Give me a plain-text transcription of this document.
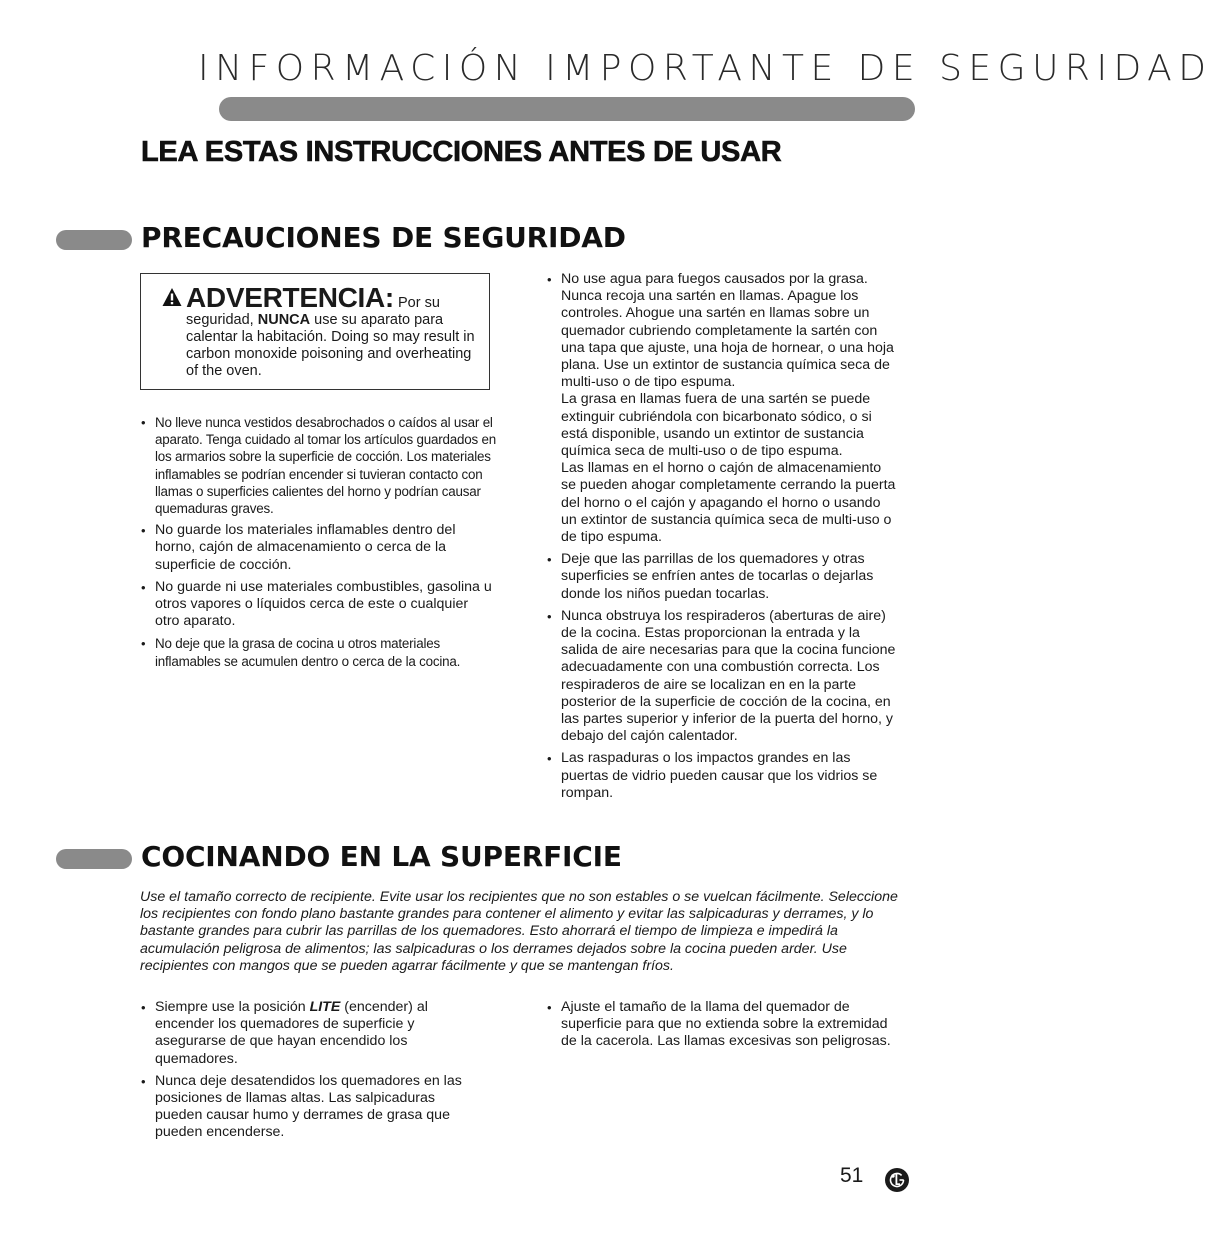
INFORMACIÓN IMPORTANTE DE SEGURIDAD
LEA ESTAS INSTRUCCIONES ANTES DE USAR
PRECAUCIONES DE SEGURIDAD
ADVERTENCIA: Por su seguridad, NUNCA use su aparato para calentar la habitación. Doing so may result in carbon monoxide poisoning and overheating of the oven.
• No lleve nunca vestidos desabrochados o caídos al usar el aparato. Tenga cuidado al tomar los artículos guardados en los armarios sobre la superficie de cocción. Los materiales inflamables se podrían encender si tuvieran contacto con llamas o superficies calientes del horno y podrían causar quemaduras graves.
• No guarde los materiales inflamables dentro del horno, cajón de almacenamiento o cerca de la superficie de cocción.
• No guarde ni use materiales combustibles, gasolina u otros vapores o líquidos cerca de este o cualquier otro aparato.
• No deje que la grasa de cocina u otros materiales inflamables se acumulen dentro o cerca de la cocina.
• No use agua para fuegos causados por la grasa. Nunca recoja una sartén en llamas. Apague los controles. Ahogue una sartén en llamas sobre un quemador cubriendo completamente la sartén con una tapa que ajuste, una hoja de hornear, o una hoja plana. Use un extintor de sustancia química seca de multi-uso o de tipo espuma.
La grasa en llamas fuera de una sartén se puede extinguir cubriéndola con bicarbonato sódico, o si está disponible, usando un extintor de sustancia química seca de multi-uso o de tipo espuma.
Las llamas en el horno o cajón de almacenamiento se pueden ahogar completamente cerrando la puerta del horno o el cajón y apagando el horno o usando un extintor de sustancia química seca de multi-uso o de tipo espuma.
• Deje que las parrillas de los quemadores y otras superficies se enfríen antes de tocarlas o dejarlas donde los niños puedan tocarlas.
• Nunca obstruya los respiraderos (aberturas de aire) de la cocina. Estas proporcionan la entrada y la salida de aire necesarias para que la cocina funcione adecuadamente con una combustión correcta. Los respiraderos de aire se localizan en en la parte posterior de la superficie de cocción de la cocina, en las partes superior y inferior de la puerta del horno, y debajo del cajón calentador.
• Las raspaduras o los impactos grandes en las puertas de vidrio pueden causar que los vidrios se rompan.
COCINANDO EN LA SUPERFICIE
Use el tamaño correcto de recipiente. Evite usar los recipientes que no son estables o se vuelcan fácilmente. Seleccione los recipientes con fondo plano bastante grandes para contener el alimento y evitar las salpicaduras y derrames, y lo bastante grandes para cubrir las parrillas de los quemadores. Esto ahorrará el tiempo de limpieza e impedirá la acumulación peligrosa de alimentos; las salpicaduras o los derrames dejados sobre la cocina pueden arder. Use recipientes con mangos que se pueden agarrar fácilmente y que se mantengan fríos.
• Siempre use la posición LITE (encender) al encender los quemadores de superficie y asegurarse de que hayan encendido los quemadores.
• Nunca deje desatendidos los quemadores en las posiciones de llamas altas. Las salpicaduras pueden causar humo y derrames de grasa que pueden encenderse.
• Ajuste el tamaño de la llama del quemador de superficie para que no extienda sobre la extremidad de la cacerola. Las llamas excesivas son peligrosas.
51
